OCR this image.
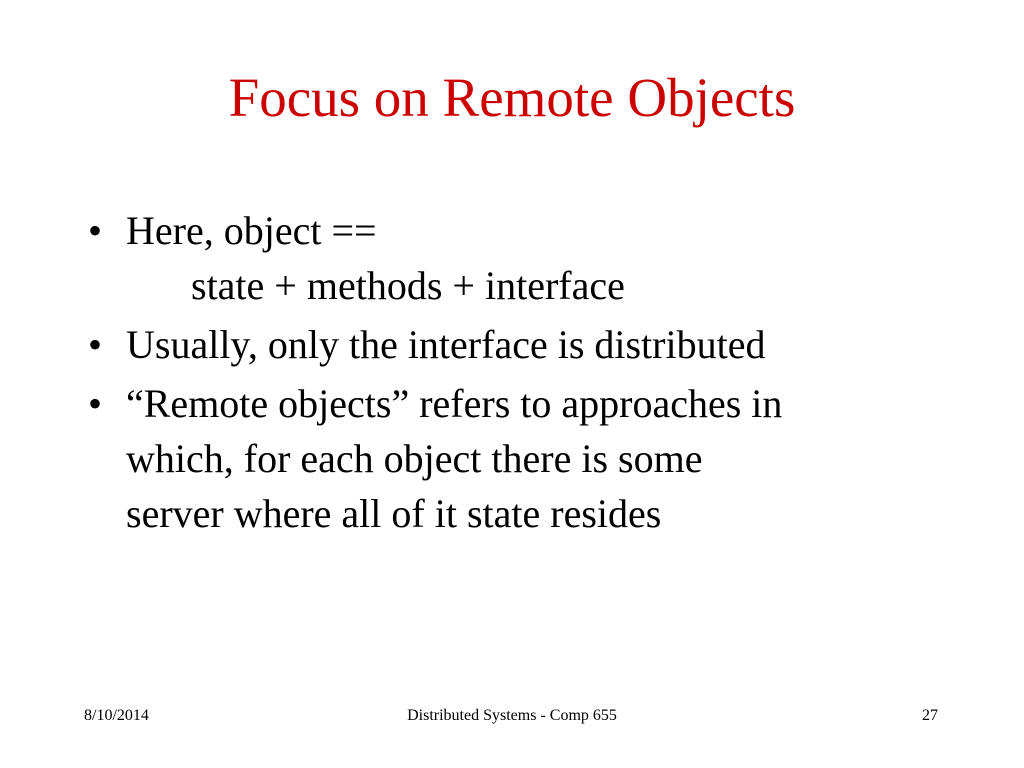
Focus on Remote Objects
• Here, object ==
state + methods + interface
• Usually, only the interface is distributed
• “Remote objects” refers to approaches in
which, for each object there is some
server where all of it state resides
8/10/2014	Distributed Systems - Comp 655	27
